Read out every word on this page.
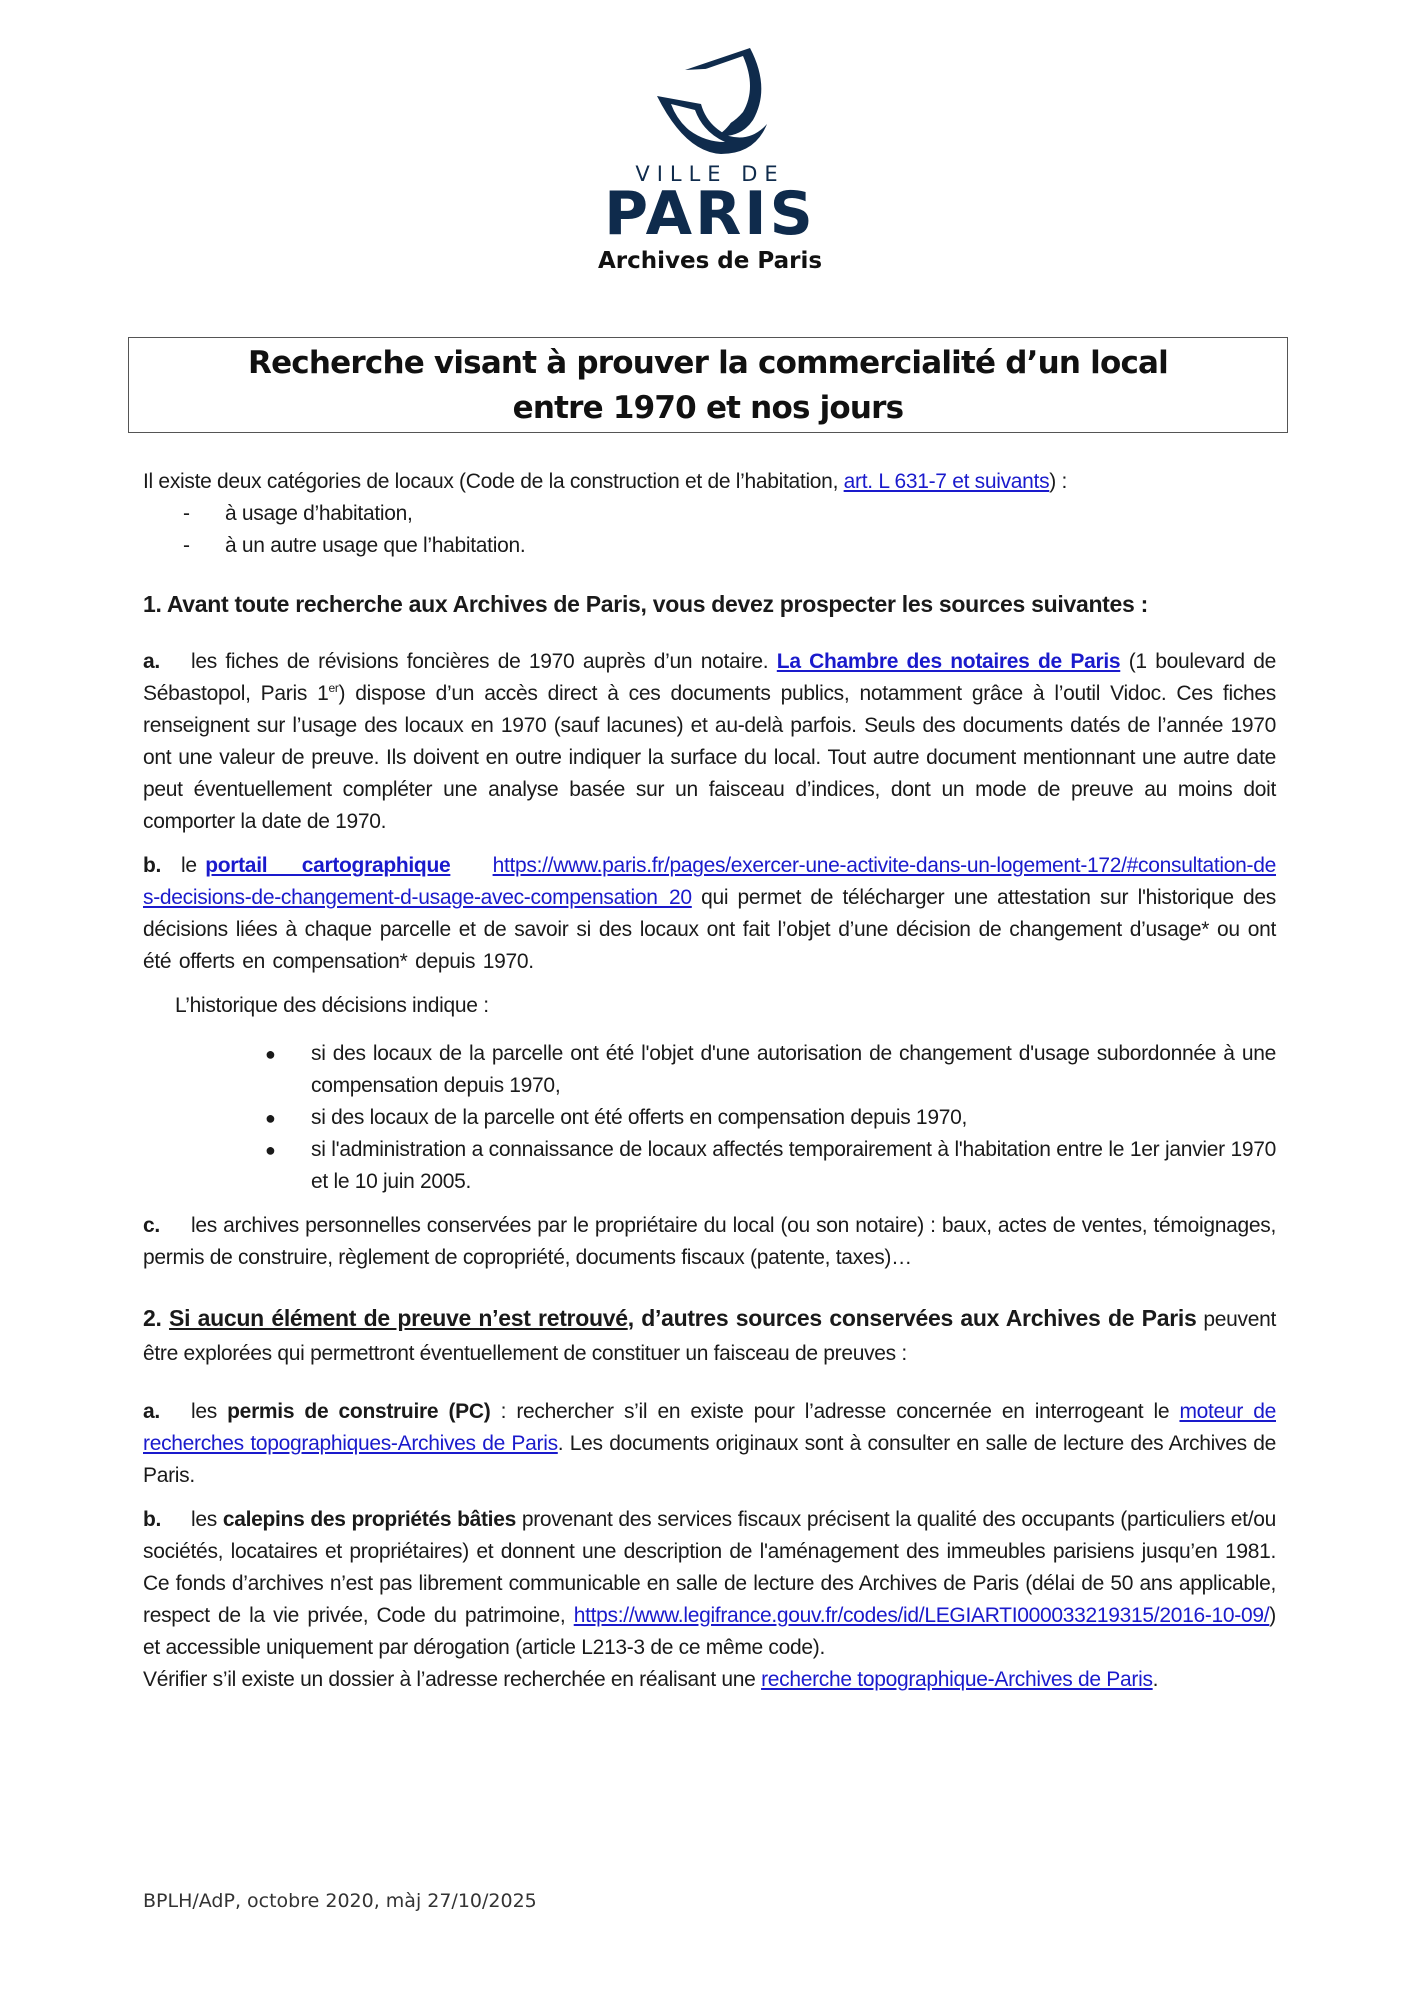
VILLE DE
PARIS
Archives de Paris
Recherche visant à prouver la commercialité d’un local
entre 1970 et nos jours

Il existe deux catégories de locaux (Code de la construction et de l’habitation, art. L 631-7 et suivants) :

- à usage d’habitation,
- à un autre usage que l’habitation.

1. Avant toute recherche aux Archives de Paris, vous devez prospecter les sources suivantes :

a. les fiches de révisions foncières de 1970 auprès d’un notaire. La Chambre des notaires de Paris (1 boulevard de Sébastopol, Paris 1er) dispose d’un accès direct à ces documents publics, notamment grâce à l’outil Vidoc. Ces fiches renseignent sur l’usage des locaux en 1970 (sauf lacunes) et au-delà parfois. Seuls des documents datés de l’année 1970 ont une valeur de preuve. Ils doivent en outre indiquer la surface du local. Tout autre document mentionnant une autre date peut éventuellement compléter une analyse basée sur un faisceau d’indices, dont un mode de preuve au moins doit comporter la date de 1970.

b. le portail cartographique https://www.paris.fr/pages/exercer-une-activite-dans-un-logement-172/#consultation-des-decisions-de-changement-d-usage-avec-compensation_20 qui permet de télécharger une attestation sur l'historique des décisions liées à chaque parcelle et de savoir si des locaux ont fait l’objet d’une décision de changement d’usage* ou ont été offerts en compensation* depuis 1970.

L’historique des décisions indique :

● si des locaux de la parcelle ont été l'objet d'une autorisation de changement d'usage subordonnée à une compensation depuis 1970,
● si des locaux de la parcelle ont été offerts en compensation depuis 1970,
● si l'administration a connaissance de locaux affectés temporairement à l'habitation entre le 1er janvier 1970 et le 10 juin 2005.

c. les archives personnelles conservées par le propriétaire du local (ou son notaire) : baux, actes de ventes, témoignages, permis de construire, règlement de copropriété, documents fiscaux (patente, taxes)…

2. Si aucun élément de preuve n’est retrouvé, d’autres sources conservées aux Archives de Paris peuvent être explorées qui permettront éventuellement de constituer un faisceau de preuves :

a. les permis de construire (PC) : rechercher s’il en existe pour l’adresse concernée en interrogeant le moteur de recherches topographiques-Archives de Paris. Les documents originaux sont à consulter en salle de lecture des Archives de Paris.

b. les calepins des propriétés bâties provenant des services fiscaux précisent la qualité des occupants (particuliers et/ou sociétés, locataires et propriétaires) et donnent une description de l'aménagement des immeubles parisiens jusqu’en 1981. Ce fonds d’archives n’est pas librement communicable en salle de lecture des Archives de Paris (délai de 50 ans applicable, respect de la vie privée, Code du patrimoine, https://www.legifrance.gouv.fr/codes/id/LEGIARTI000033219315/2016-10-09/) et accessible uniquement par dérogation (article L213-3 de ce même code).

Vérifier s’il existe un dossier à l’adresse recherchée en réalisant une recherche topographique-Archives de Paris.

BPLH/AdP, octobre 2020, màj 27/10/2025
